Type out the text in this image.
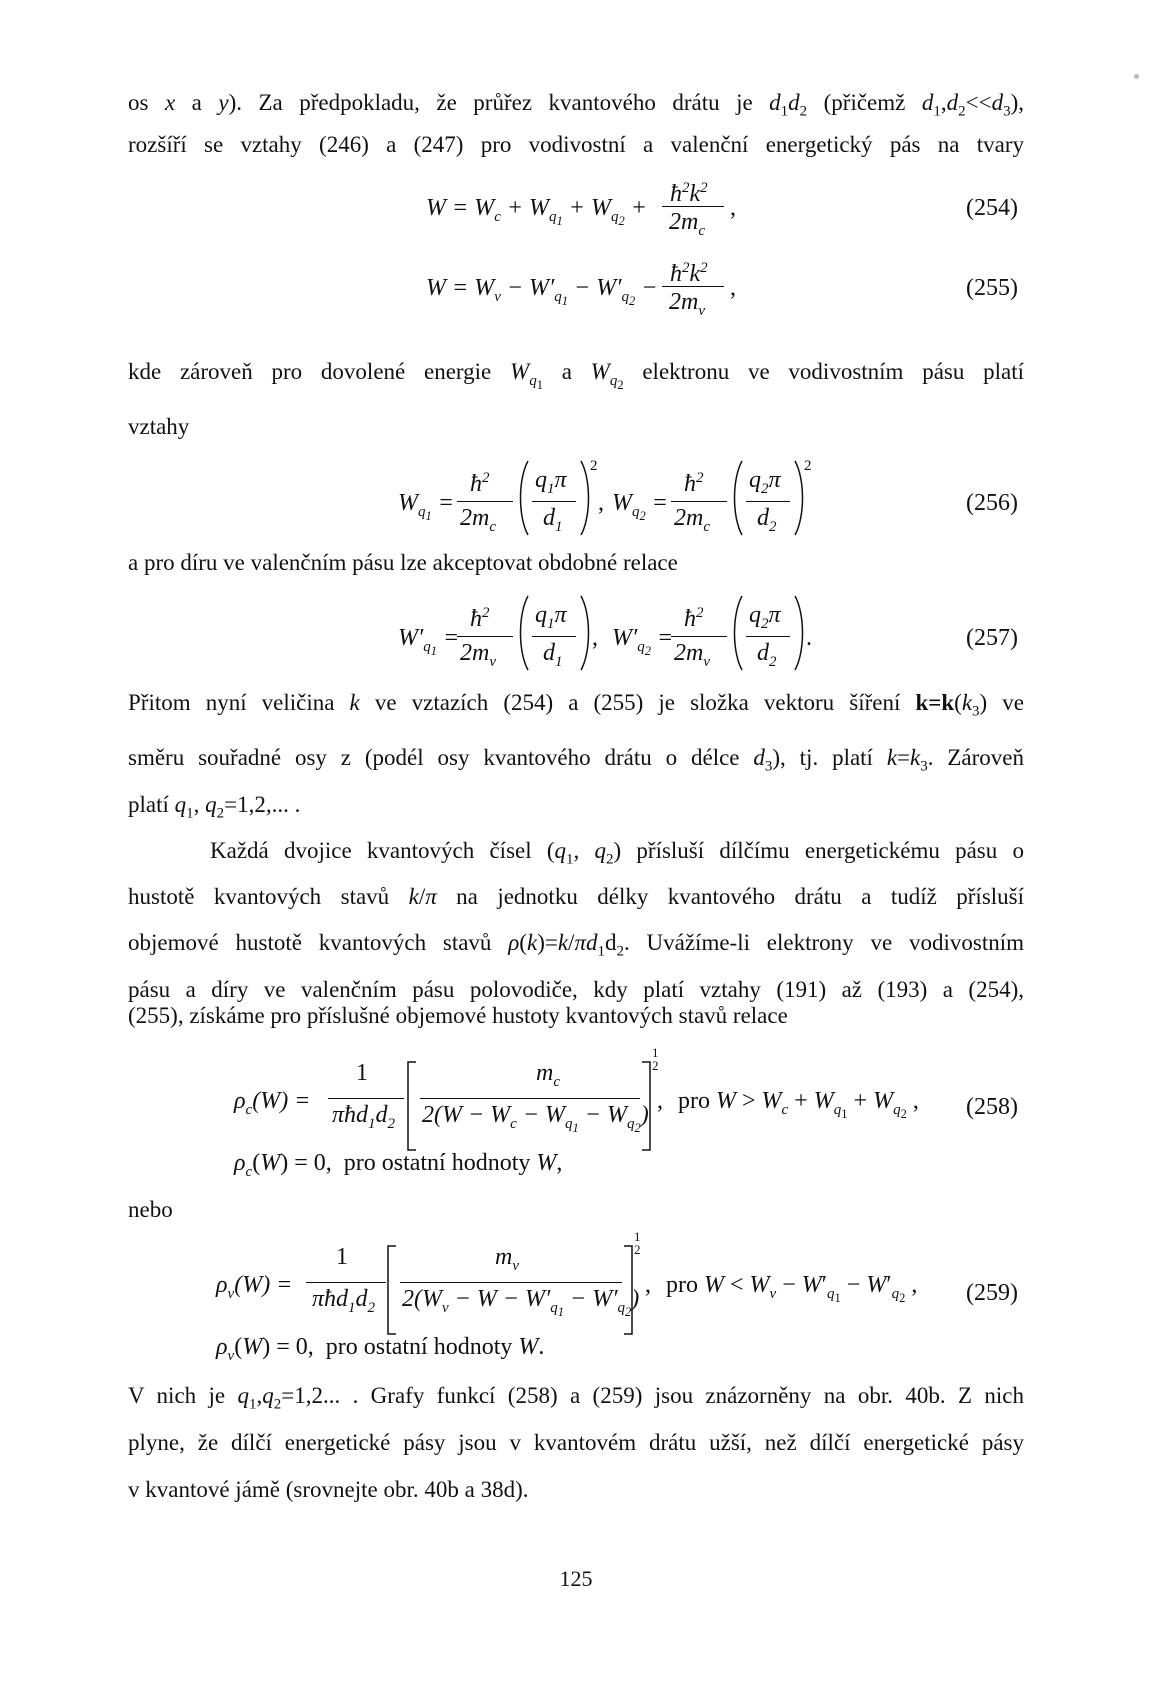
os x a y). Za předpokladu, že průřez kvantového drátu je $d_1d_2$ (přičemž $d_1,d_2<<d_3$),
rozšíří se vztahy (246) a (247) pro vodivostní a valenční energetický pás na tvary
$W = W_c + W_{q_1} + W_{q_2}$ +
$ħ^2k^2$
$2m_c$
,	(254)
$W = W_v - W'_{q_1} - W'_{q_2}$ −
$ħ^2k^2$
$2m_v$
,	(255)
kde zároveň pro dovolené energie $W_{q_1}$ a $W_{q_2}$ elektronu ve vodivostním pásu platí
vztahy
$W_{q_1}$ =
$ħ^2$
$2m_c$
$q_1\pi$
$d_1$
2
, $W_{q_2}$ =
$ħ^2$
$2m_c$
$q_2\pi$
$d_2$
2
(256)
a pro díru ve valenčním pásu lze akceptovat obdobné relace
$W'_{q_1}$ =
$ħ^2$
$2m_v$
$q_1\pi$
$d_1$
, $W'_{q_2}$ =
$ħ^2$
$2m_v$
$q_2\pi$
$d_2$
.	(257)
Přitom nyní veličina k ve vztazích (254) a (255) je složka vektoru šíření $k=k(k_3)$ ve
směru souřadné osy z (podél osy kvantového drátu o délce $d_3$), tj. platí $k=k_3$. Zároveň
platí $q_1$, $q_2=1,2$,... .
Každá dvojice kvantových čísel ($q_1$, $q_2$) přísluší dílčímu energetickému pásu o
hustotě kvantových stavů k/π na jednotku délky kvantového drátu a tudíž přísluší
objemové hustotě kvantových stavů $\rho(k)=k/\pi d_1d_2$. Uvážíme-li elektrony ve vodivostním
pásu a díry ve valenčním pásu polovodiče, kdy platí vztahy (191) až (193) a (254),
(255), získáme pro příslušné objemové hustoty kvantových stavů relace
$\rho_c(W)$ =
1
$\pi ħd_1d_2$
$m_c$
$2(W - W_c - W_{q_1} - W_{q_2})$
1
2
, pro $W > W_c + W_{q_1} + W_{q_2}$ , (258)
$\rho_c(W) = 0$,  pro ostatní hodnoty W,
nebo
$\rho_v(W)$ =
1
$\pi ħd_1d_2$
$m_v$
$2(W_v - W - W'_{q_1} - W'_{q_2})$
1
2
, pro $W < W_v - W'_{q_1} - W'_{q_2}$ , (259)
$\rho_v(W) = 0$,  pro ostatní hodnoty W.
V nich je $q_1,q_2=1,2$... . Grafy funkcí (258) a (259) jsou znázorněny na obr. 40b. Z nich
plyne, že dílčí energetické pásy jsou v kvantovém drátu užší, než dílčí energetické pásy
v kvantové jámě (srovnejte obr. 40b a 38d).
125
